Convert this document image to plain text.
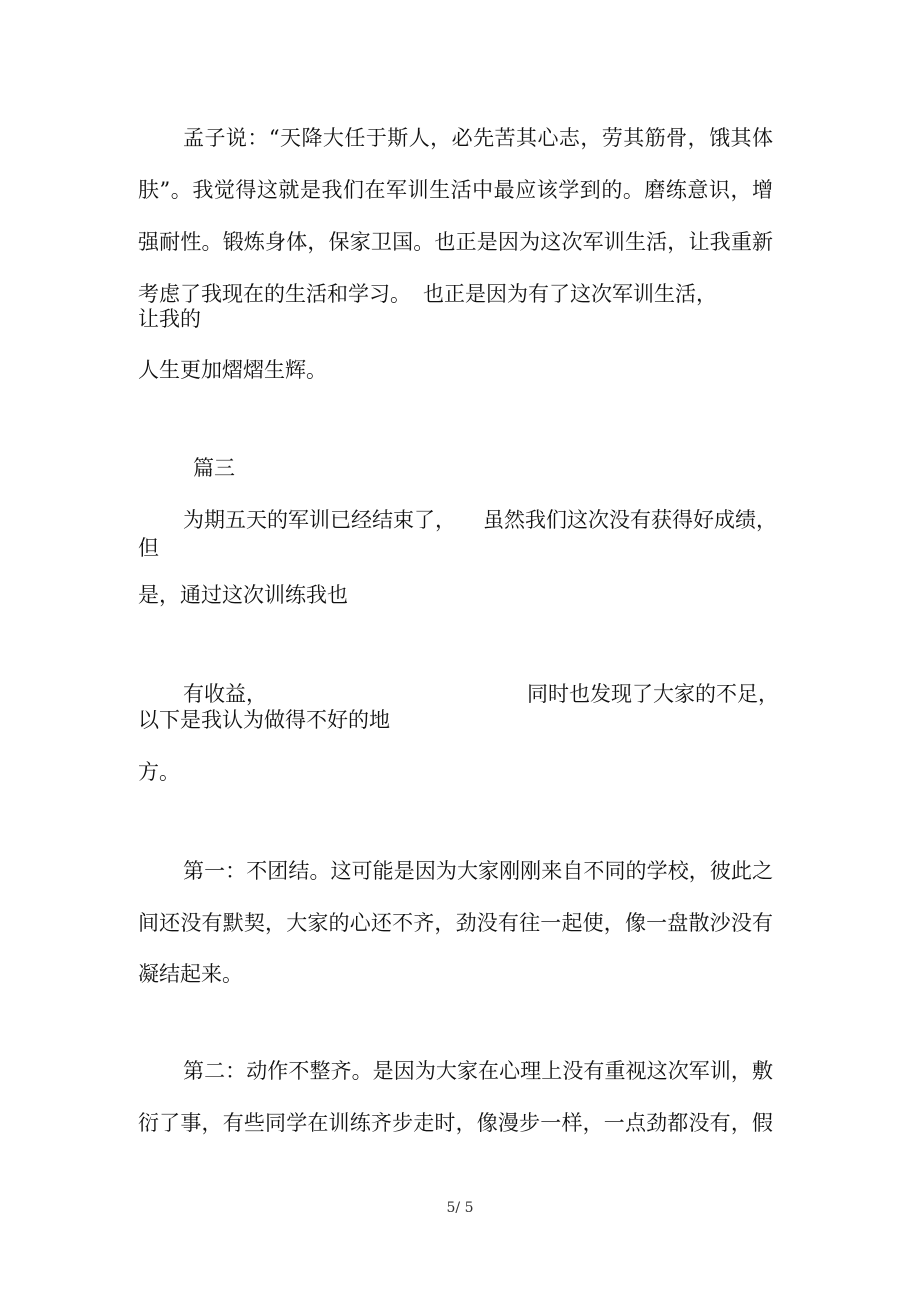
孟子说：“天降大任于斯人，必先苦其心志，劳其筋骨，饿其体
肤”。我觉得这就是我们在军训生活中最应该学到的。磨练意识，增
强耐性。锻炼身体，保家卫国。也正是因为这次军训生活，让我重新
考虑了我现在的生活和学习。 也正是因为有了这次军训生活，
让我的
人生更加熠熠生辉。
篇三
为期五天的军训已经结束了， 虽然我们这次没有获得好成绩，
但
是，通过这次训练我也
有收益，	同时也发现了大家的不足，
以下是我认为做得不好的地
方。
第一：不团结。这可能是因为大家刚刚来自不同的学校，彼此之
间还没有默契，大家的心还不齐，劲没有往一起使，像一盘散沙没有
凝结起来。
第二：动作不整齐。是因为大家在心理上没有重视这次军训，敷
衍了事，有些同学在训练齐步走时，像漫步一样，一点劲都没有，假
5/ 5
